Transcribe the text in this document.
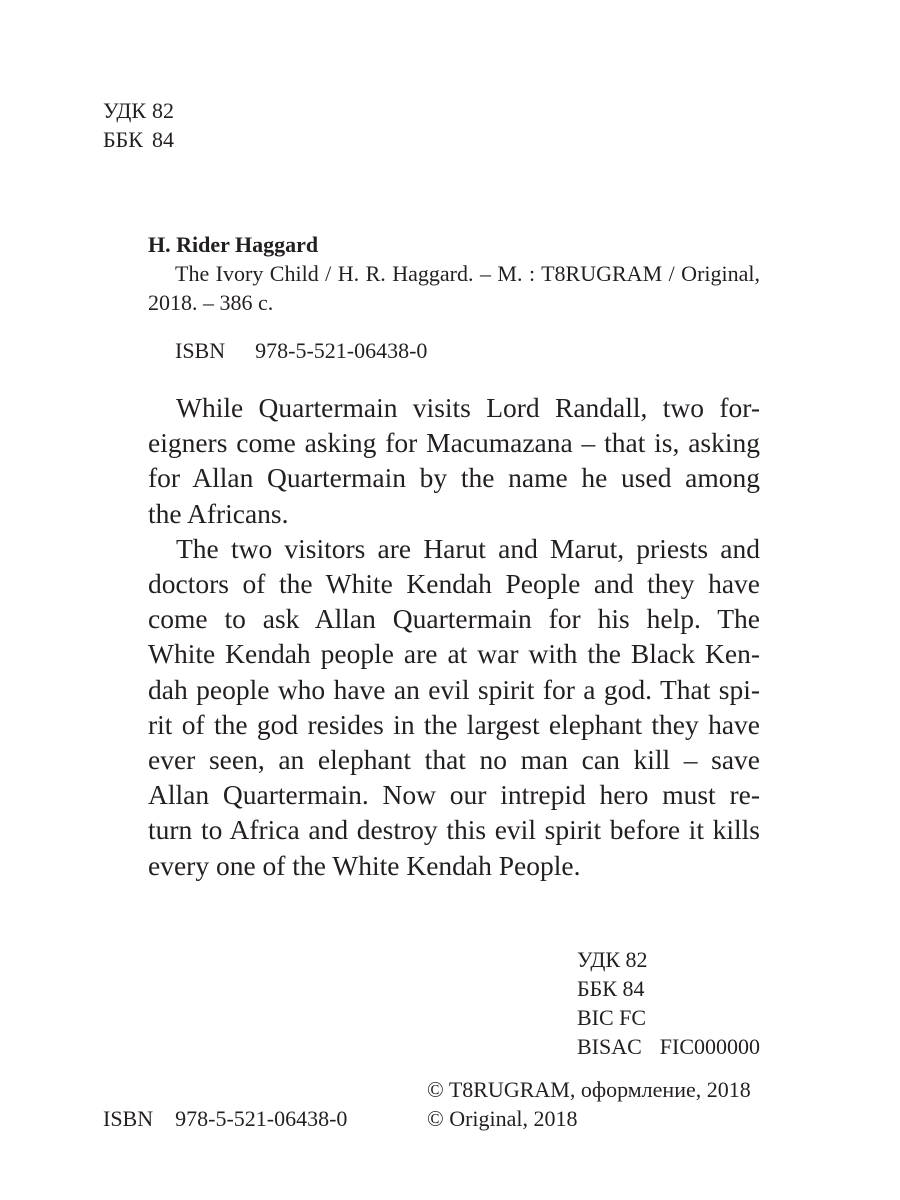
УДК 82
ББК 84
H. Rider Haggard
The Ivory Child / H. R. Haggard. – M. : T8RUGRAM / Original, 2018. – 386 c.
ISBN 978-5-521-06438-0

While Quartermain visits Lord Randall, two for-
eigners come asking for Macumazana – that is, asking
for Allan Quartermain by the name he used among
the Africans.

The two visitors are Harut and Marut, priests and
doctors of the White Kendah People and they have
come to ask Allan Quartermain for his help. The
White Kendah people are at war with the Black Ken-
dah people who have an evil spirit for a god. That spi-
rit of the god resides in the largest elephant they have
ever seen, an elephant that no man can kill – save
Allan Quartermain. Now our intrepid hero must re-
turn to Africa and destroy this evil spirit before it kills
every one of the White Kendah People.

УДК 82
ББК 84
BIC FC
BISAC FIC000000
© T8RUGRAM, оформление, 2018
© Original, 2018
ISBN 978-5-521-06438-0
